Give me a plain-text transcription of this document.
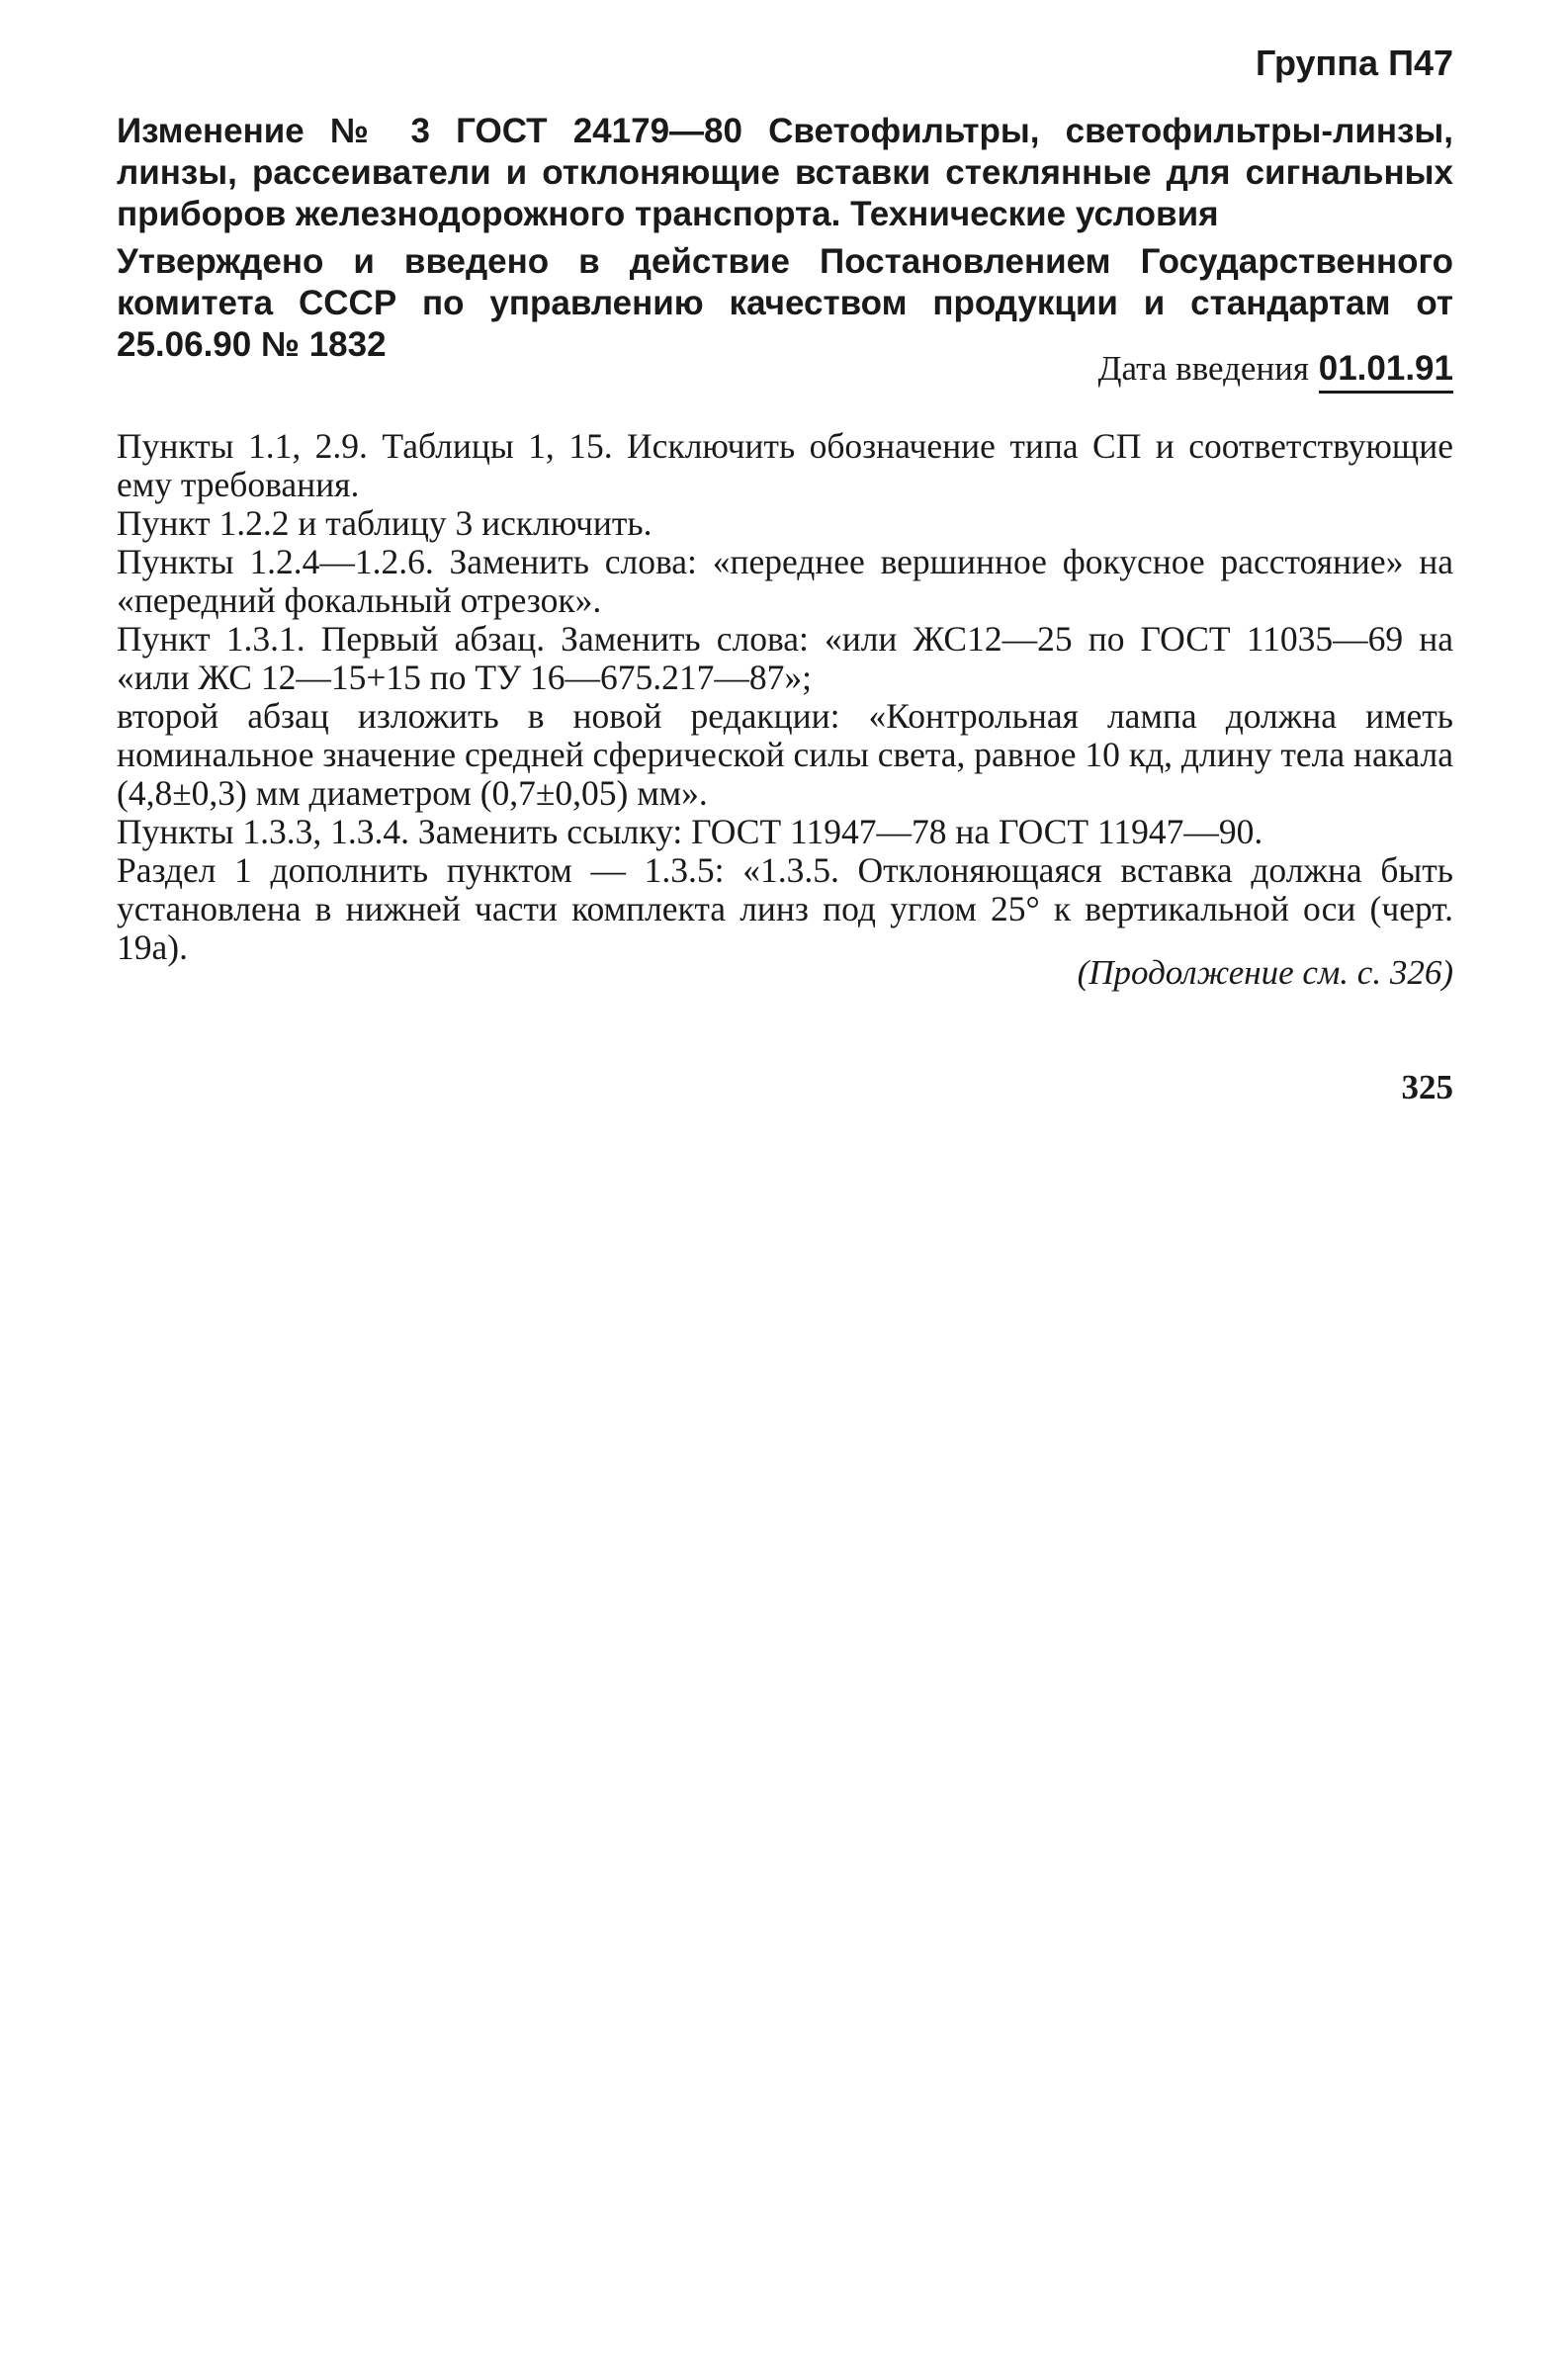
Группа П47
Изменение № 3 ГОСТ 24179—80 Светофильтры, светофильтры-линзы, линзы, рассеиватели и отклоняющие вставки стеклянные для сигнальных приборов железнодорожного транспорта. Технические условия
Утверждено и введено в действие Постановлением Государственного комитета СССР по управлению качеством продукции и стандартам от 25.06.90 № 1832
Дата введения 01.01.91

Пункты 1.1, 2.9. Таблицы 1, 15. Исключить обозначение типа СП и соответствующие ему требования.

Пункт 1.2.2 и таблицу 3 исключить.

Пункты 1.2.4—1.2.6. Заменить слова: «переднее вершинное фокусное расстояние» на «передний фокальный отрезок».

Пункт 1.3.1. Первый абзац. Заменить слова: «или ЖС12—25 по ГОСТ 11035—69 на «или ЖС 12—15+15 по ТУ 16—675.217—87»;

второй абзац изложить в новой редакции: «Контрольная лампа должна иметь номинальное значение средней сферической силы света, равное 10 кд, длину тела накала (4,8±0,3) мм диаметром (0,7±0,05) мм».

Пункты 1.3.3, 1.3.4. Заменить ссылку: ГОСТ 11947—78 на ГОСТ 11947—90.

Раздел 1 дополнить пунктом — 1.3.5: «1.3.5. Отклоняющаяся вставка должна быть установлена в нижней части комплекта линз под углом 25° к вертикальной оси (черт. 19а).

(Продолжение см. с. 326)
325
